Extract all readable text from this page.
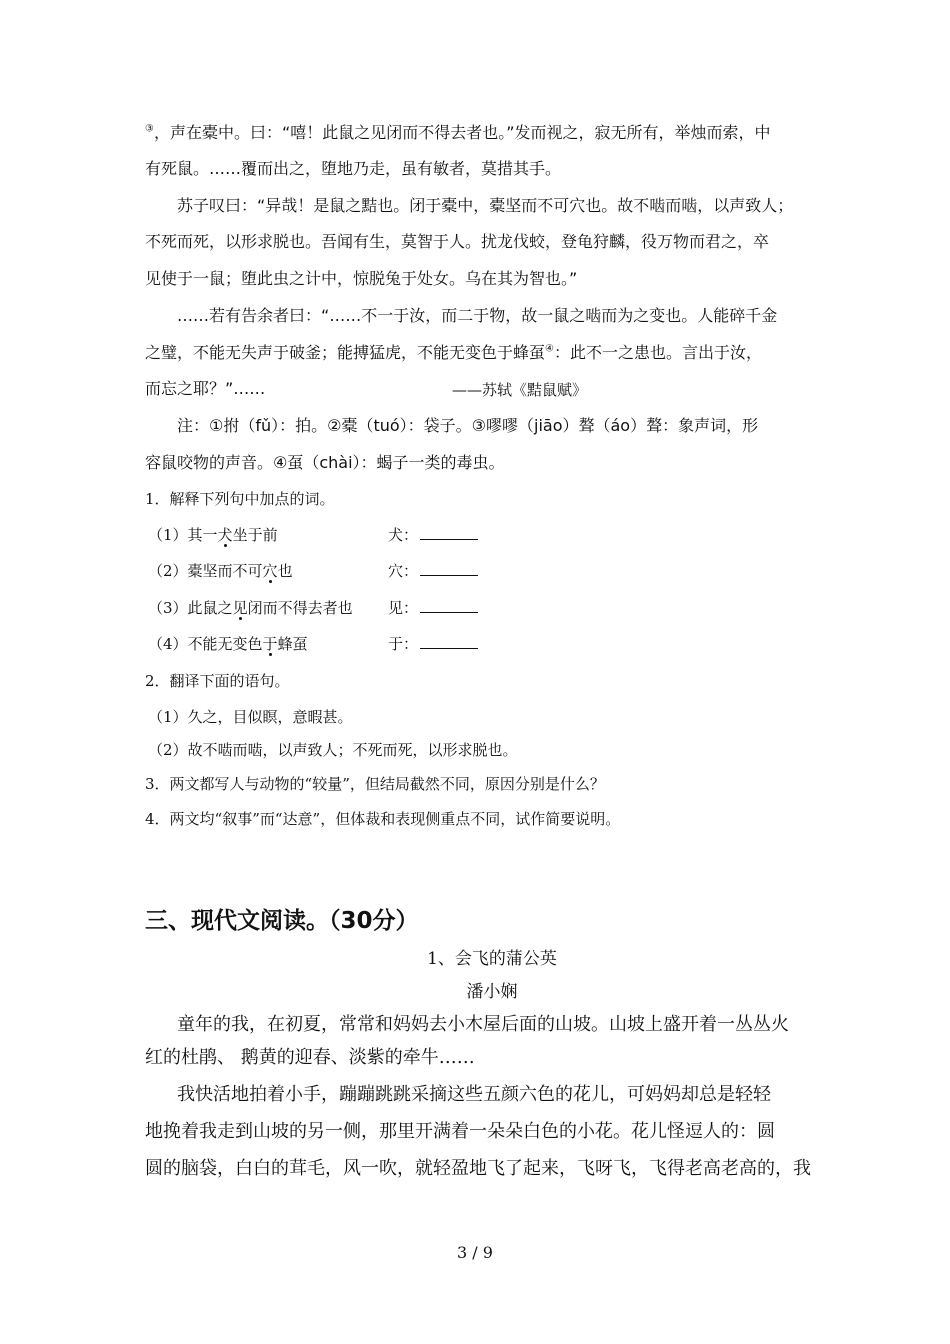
③，声在橐中。曰：“嘻！此鼠之见闭而不得去者也。”发而视之，寂无所有，举烛而索，中
有死鼠。……覆而出之，堕地乃走，虽有敏者，莫措其手。
苏子叹曰：“异哉！是鼠之黠也。闭于橐中，橐坚而不可穴也。故不啮而啮，以声致人；
不死而死，以形求脱也。吾闻有生，莫智于人。扰龙伐蛟，登龟狩麟，役万物而君之，卒
见使于一鼠；堕此虫之计中，惊脱兔于处女。乌在其为智也。”
……若有告余者曰：“……不一于汝，而二于物，故一鼠之啮而为之变也。人能碎千金
之璧，不能无失声于破釜；能搏猛虎，不能无变色于蜂虿④：此不一之患也。言出于汝，
而忘之耶？”……	——苏轼《黠鼠赋》
注：①拊（fǔ）：拍。②橐（tuó）：袋子。③嘐嘐（jiāo）聱（áo）聱：象声词，形
容鼠咬物的声音。④虿（chài）：蝎子一类的毒虫。
1．解释下列句中加点的词。
（1）其一犬坐于前	犬：
（2）橐坚而不可穴也	穴：
（3）此鼠之见闭而不得去者也 见：
（4）不能无变色于蜂虿	于：
2．翻译下面的语句。
（1）久之，目似瞑，意暇甚。
（2）故不啮而啮，以声致人；不死而死，以形求脱也。
3．两文都写人与动物的“较量”，但结局截然不同，原因分别是什么？
4．两文均“叙事”而“达意”，但体裁和表现侧重点不同，试作简要说明。
三、现代文阅读。（30分）
1、会飞的蒲公英
潘小娴
童年的我，在初夏，常常和妈妈去小木屋后面的山坡。山坡上盛开着一丛丛火
红的杜鹃、 鹅黄的迎春、淡紫的牵牛……
我快活地拍着小手，蹦蹦跳跳采摘这些五颜六色的花儿，可妈妈却总是轻轻
地挽着我走到山坡的另一侧，那里开满着一朵朵白色的小花。花儿怪逗人的：圆
圆的脑袋，白白的茸毛，风一吹，就轻盈地飞了起来，飞呀飞，飞得老高老高的，我
3 / 9
